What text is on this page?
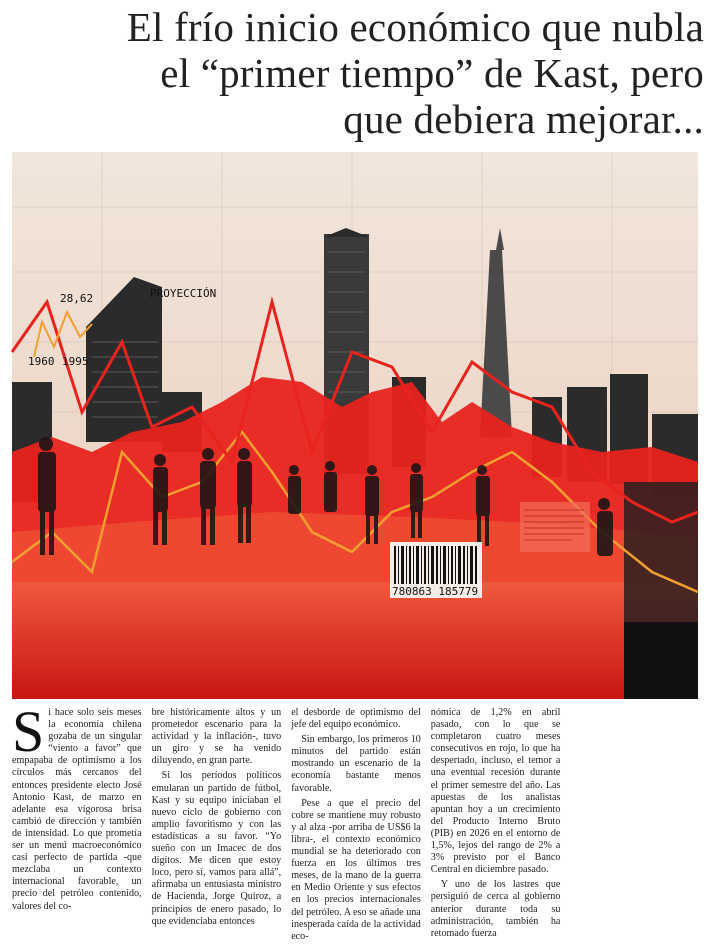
El frío inicio económico que nubla
el “primer tiempo” de Kast, pero
que debiera mejorar...
28,62
1960 1995
PROYECCIÓN
780863 185779
S i hace solo seis meses la economía chilena gozaba de un singular “viento a favor” que empapaba de optimismo a los círculos más cercanos del entonces presidente electo José Antonio Kast, de marzo en adelante esa vigorosa brisa cambió de dirección y también de intensidad. Lo que prometía ser un menú macroeconómico casi perfecto de partida -que mezclaba un contexto internacional favorable, un precio del petróleo contenido, valores del co-

bre históricamente altos y un prometedor escenario para la actividad y la inflación-, tuvo un giro y se ha venido diluyendo, en gran parte.

Si los períodos políticos emularan un partido de fútbol, Kast y su equipo iniciaban el nuevo ciclo de gobierno con amplio favoritismo y con las estadísticas a su favor. “Yo sueño con un Imacec de dos dígitos. Me dicen que estoy loco, pero sí, vamos para allá”, afirmaba un entusiasta ministro de Hacienda, Jorge Quiroz, a principios de enero pasado, lo que evidenciaba entonces

el desborde de optimismo del jefe del equipo económico.

Sin embargo, los primeros 10 minutos del partido están mostrando un escenario de la economía bastante menos favorable.

Pese a que el precio del cobre se mantiene muy robusto y al alza -por arriba de US$6 la libra-, el contexto económico mundial se ha deteriorado con fuerza en los últimos tres meses, de la mano de la guerra en Medio Oriente y sus efectos en los precios internacionales del petróleo. A eso se añade una inesperada caída de la actividad eco-

nómica de 1,2% en abril pasado, con lo que se completaron cuatro meses consecutivos en rojo, lo que ha despertado, incluso, el temor a una eventual recesión durante el primer semestre del año. Las apuestas de los analistas apuntan hoy a un crecimiento del Producto Interno Bruto (PIB) en 2026 en el entorno de 1,5%, lejos del rango de 2% a 3% previsto por el Banco Central en diciembre pasado.

Y uno de los lastres que persiguió de cerca al gobierno anterior durante toda su administración, también ha retomado fuerza
